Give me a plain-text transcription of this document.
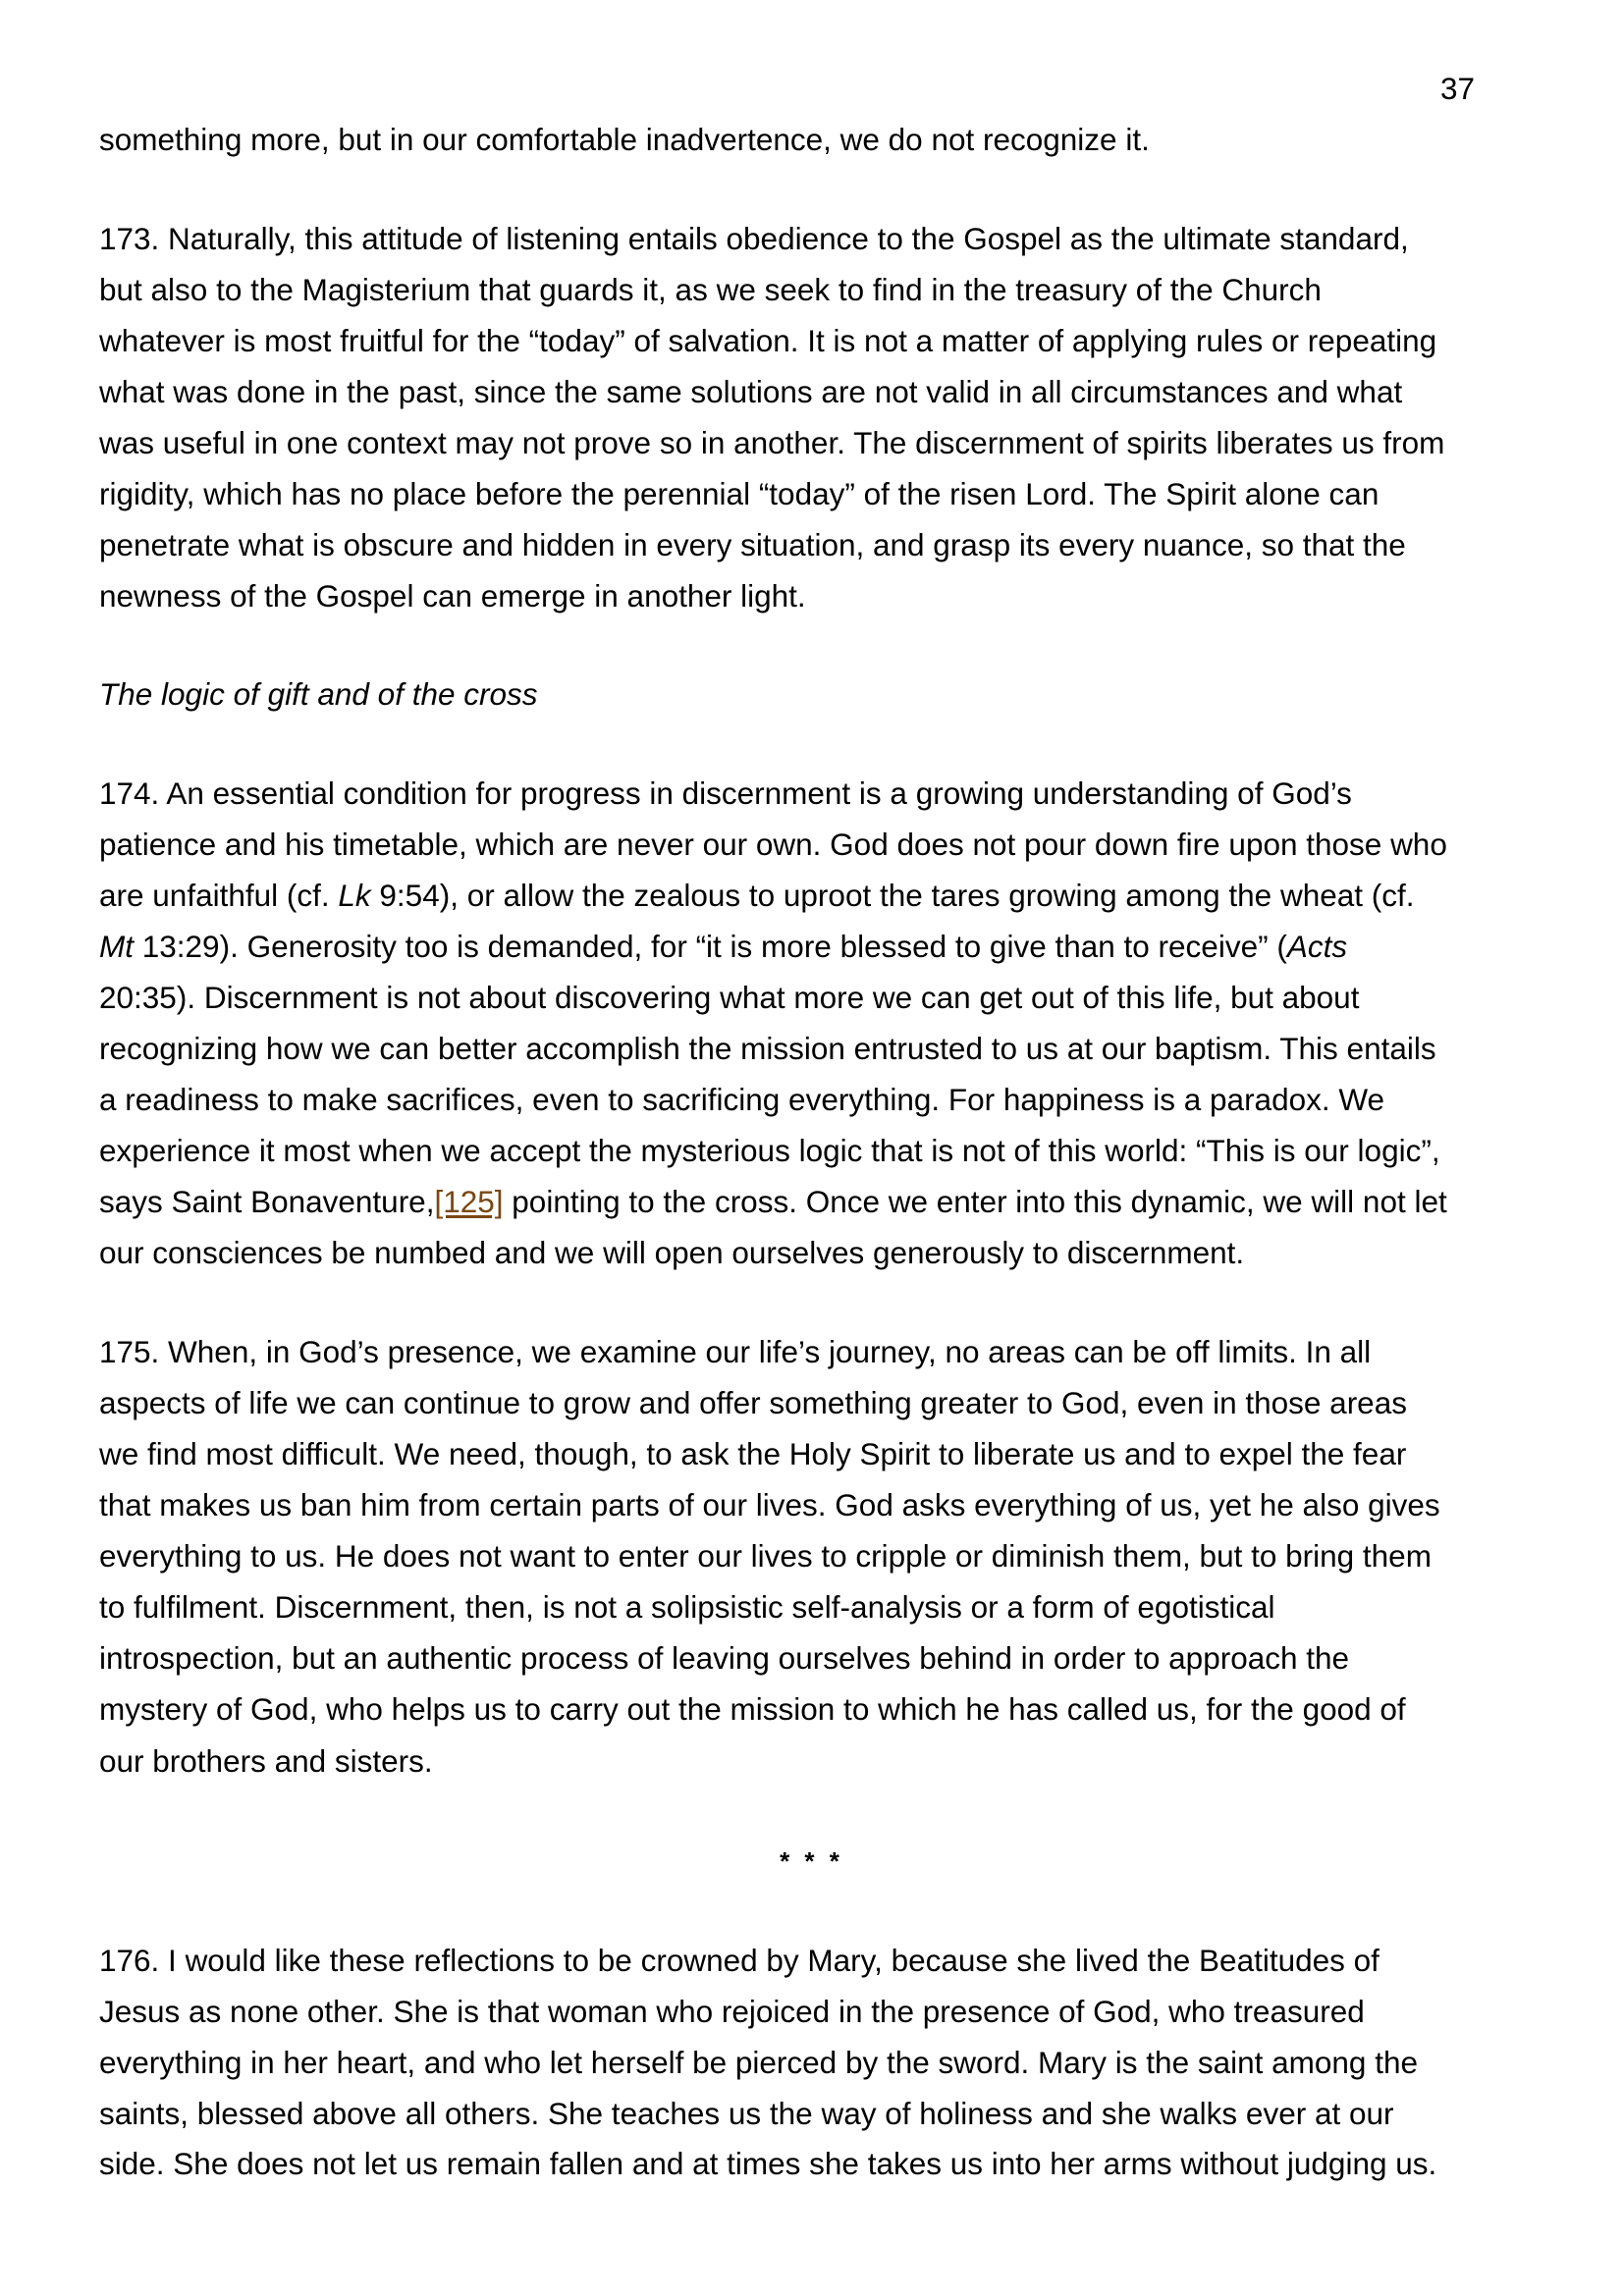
37
something more, but in our comfortable inadvertence, we do not recognize it.
173. Naturally, this attitude of listening entails obedience to the Gospel as the ultimate standard,
but also to the Magisterium that guards it, as we seek to find in the treasury of the Church
whatever is most fruitful for the “today” of salvation. It is not a matter of applying rules or repeating
what was done in the past, since the same solutions are not valid in all circumstances and what
was useful in one context may not prove so in another. The discernment of spirits liberates us from
rigidity, which has no place before the perennial “today” of the risen Lord. The Spirit alone can
penetrate what is obscure and hidden in every situation, and grasp its every nuance, so that the
newness of the Gospel can emerge in another light.
The logic of gift and of the cross
174. An essential condition for progress in discernment is a growing understanding of God’s
patience and his timetable, which are never our own. God does not pour down fire upon those who
are unfaithful (cf. Lk 9:54), or allow the zealous to uproot the tares growing among the wheat (cf.
Mt 13:29). Generosity too is demanded, for “it is more blessed to give than to receive” (Acts
20:35). Discernment is not about discovering what more we can get out of this life, but about
recognizing how we can better accomplish the mission entrusted to us at our baptism. This entails
a readiness to make sacrifices, even to sacrificing everything. For happiness is a paradox. We
experience it most when we accept the mysterious logic that is not of this world: “This is our logic”,
says Saint Bonaventure,[125] pointing to the cross. Once we enter into this dynamic, we will not let
our consciences be numbed and we will open ourselves generously to discernment.
175. When, in God’s presence, we examine our life’s journey, no areas can be off limits. In all
aspects of life we can continue to grow and offer something greater to God, even in those areas
we find most difficult. We need, though, to ask the Holy Spirit to liberate us and to expel the fear
that makes us ban him from certain parts of our lives. God asks everything of us, yet he also gives
everything to us. He does not want to enter our lives to cripple or diminish them, but to bring them
to fulfilment. Discernment, then, is not a solipsistic self-analysis or a form of egotistical
introspection, but an authentic process of leaving ourselves behind in order to approach the
mystery of God, who helps us to carry out the mission to which he has called us, for the good of
our brothers and sisters.
* * *
176. I would like these reflections to be crowned by Mary, because she lived the Beatitudes of
Jesus as none other. She is that woman who rejoiced in the presence of God, who treasured
everything in her heart, and who let herself be pierced by the sword. Mary is the saint among the
saints, blessed above all others. She teaches us the way of holiness and she walks ever at our
side. She does not let us remain fallen and at times she takes us into her arms without judging us.
